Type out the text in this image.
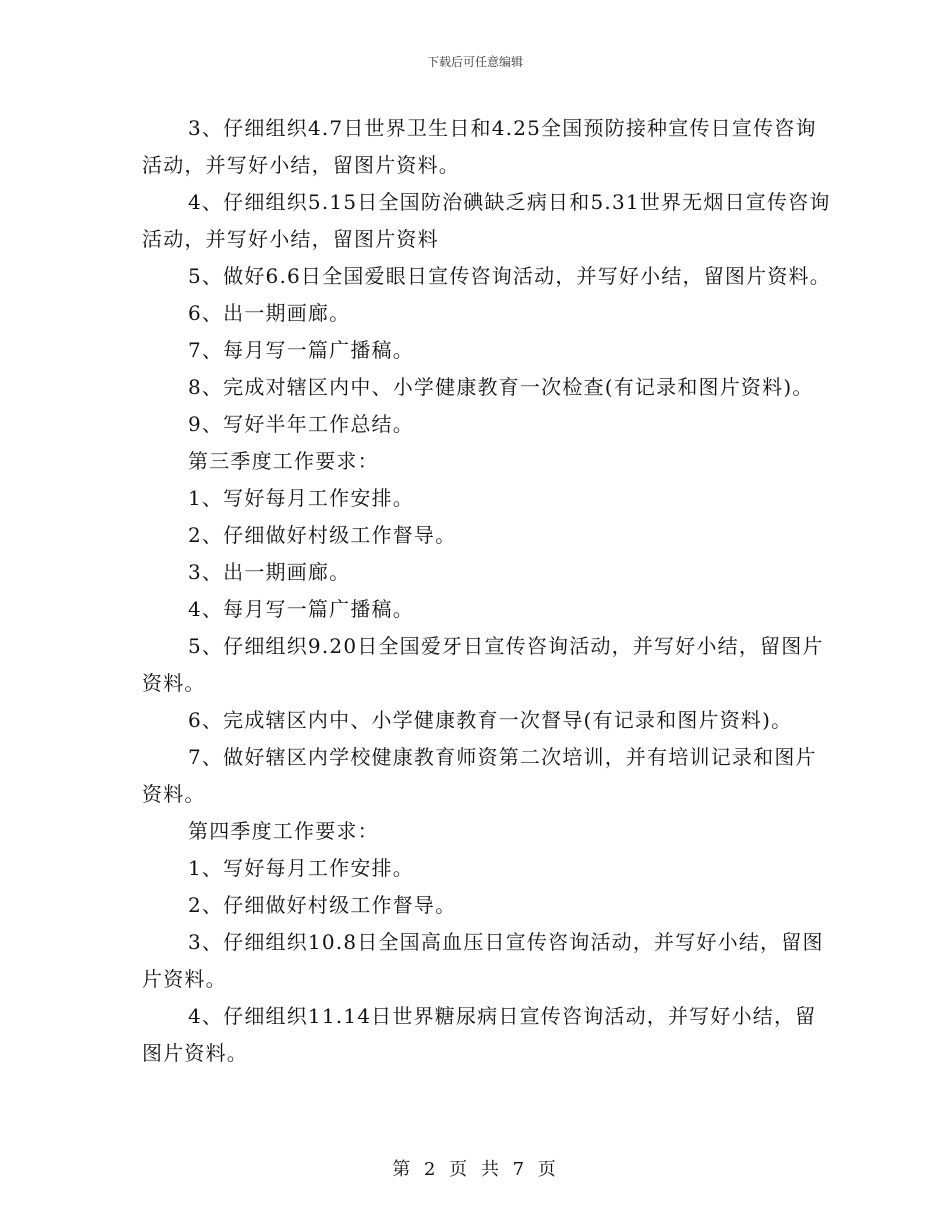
下载后可任意编辑

3、仔细组织4.7日世界卫生日和4.25全国预防接种宣传日宣传咨询活动，并写好小结，留图片资料。

4、仔细组织5.15日全国防治碘缺乏病日和5.31世界无烟日宣传咨询活动，并写好小结，留图片资料

5、做好6.6日全国爱眼日宣传咨询活动，并写好小结，留图片资料。

6、出一期画廊。

7、每月写一篇广播稿。

8、完成对辖区内中、小学健康教育一次检查(有记录和图片资料)。

9、写好半年工作总结。

第三季度工作要求：

1、写好每月工作安排。

2、仔细做好村级工作督导。

3、出一期画廊。

4、每月写一篇广播稿。

5、仔细组织9.20日全国爱牙日宣传咨询活动，并写好小结，留图片资料。

6、完成辖区内中、小学健康教育一次督导(有记录和图片资料)。

7、做好辖区内学校健康教育师资第二次培训，并有培训记录和图片资料。

第四季度工作要求：

1、写好每月工作安排。

2、仔细做好村级工作督导。

3、仔细组织10.8日全国高血压日宣传咨询活动，并写好小结，留图片资料。

4、仔细组织11.14日世界糖尿病日宣传咨询活动，并写好小结，留图片资料。

第 2 页 共 7 页
